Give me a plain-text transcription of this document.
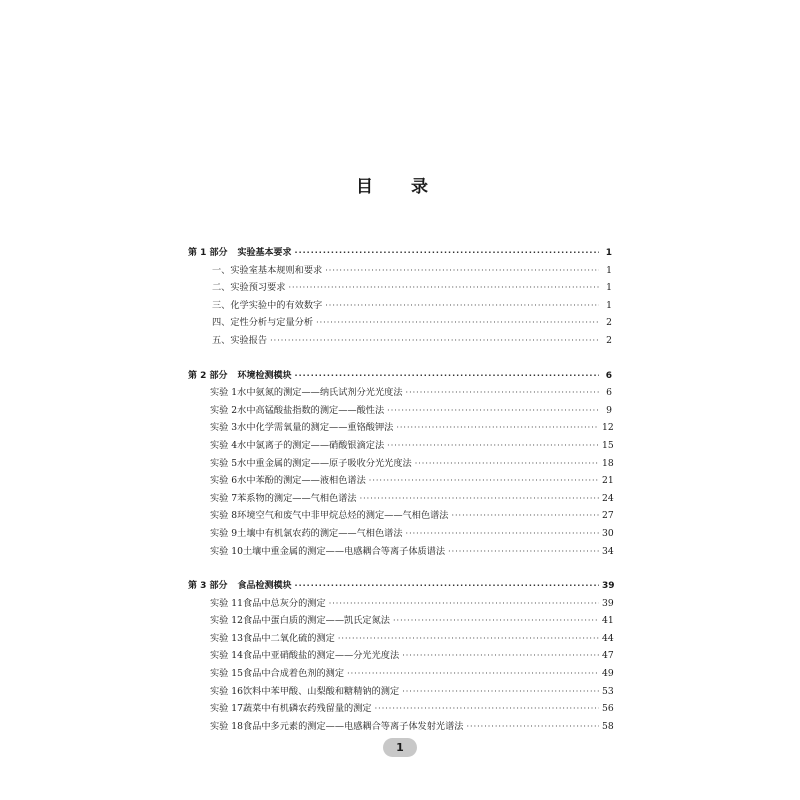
目 录
第 1 部分 实验基本要求 ·····	1
一、实验室基本规则和要求 ·····	1
二、实验预习要求 ·····	1
三、化学实验中的有效数字 ·····	1
四、定性分析与定量分析 ·····	2
五、实验报告 ·····	2
第 2 部分 环境检测模块 ·····	6
实验 1 水中氨氮的测定——纳氏试剂分光光度法 ·····	6
实验 2 水中高锰酸盐指数的测定——酸性法 ·····	9
实验 3 水中化学需氧量的测定——重铬酸钾法 ·····	12
实验 4 水中氯离子的测定——硝酸银滴定法 ·····	15
实验 5 水中重金属的测定——原子吸收分光光度法 ·····	18
实验 6 水中苯酚的测定——液相色谱法 ·····	21
实验 7 苯系物的测定——气相色谱法 ·····	24
实验 8 环境空气和废气中非甲烷总烃的测定——气相色谱法 ·····	27
实验 9 土壤中有机氯农药的测定——气相色谱法 ·····	30
实验 10 土壤中重金属的测定——电感耦合等离子体质谱法 ·····	34
第 3 部分 食品检测模块 ·····	39
实验 11 食品中总灰分的测定 ·····	39
实验 12 食品中蛋白质的测定——凯氏定氮法 ·····	41
实验 13 食品中二氧化硫的测定 ·····	44
实验 14 食品中亚硝酸盐的测定——分光光度法 ·····	47
实验 15 食品中合成着色剂的测定 ·····	49
实验 16 饮料中苯甲酸、山梨酸和糖精钠的测定 ·····	53
实验 17 蔬菜中有机磷农药残留量的测定 ·····	56
实验 18 食品中多元素的测定——电感耦合等离子体发射光谱法 ·····	58
1
